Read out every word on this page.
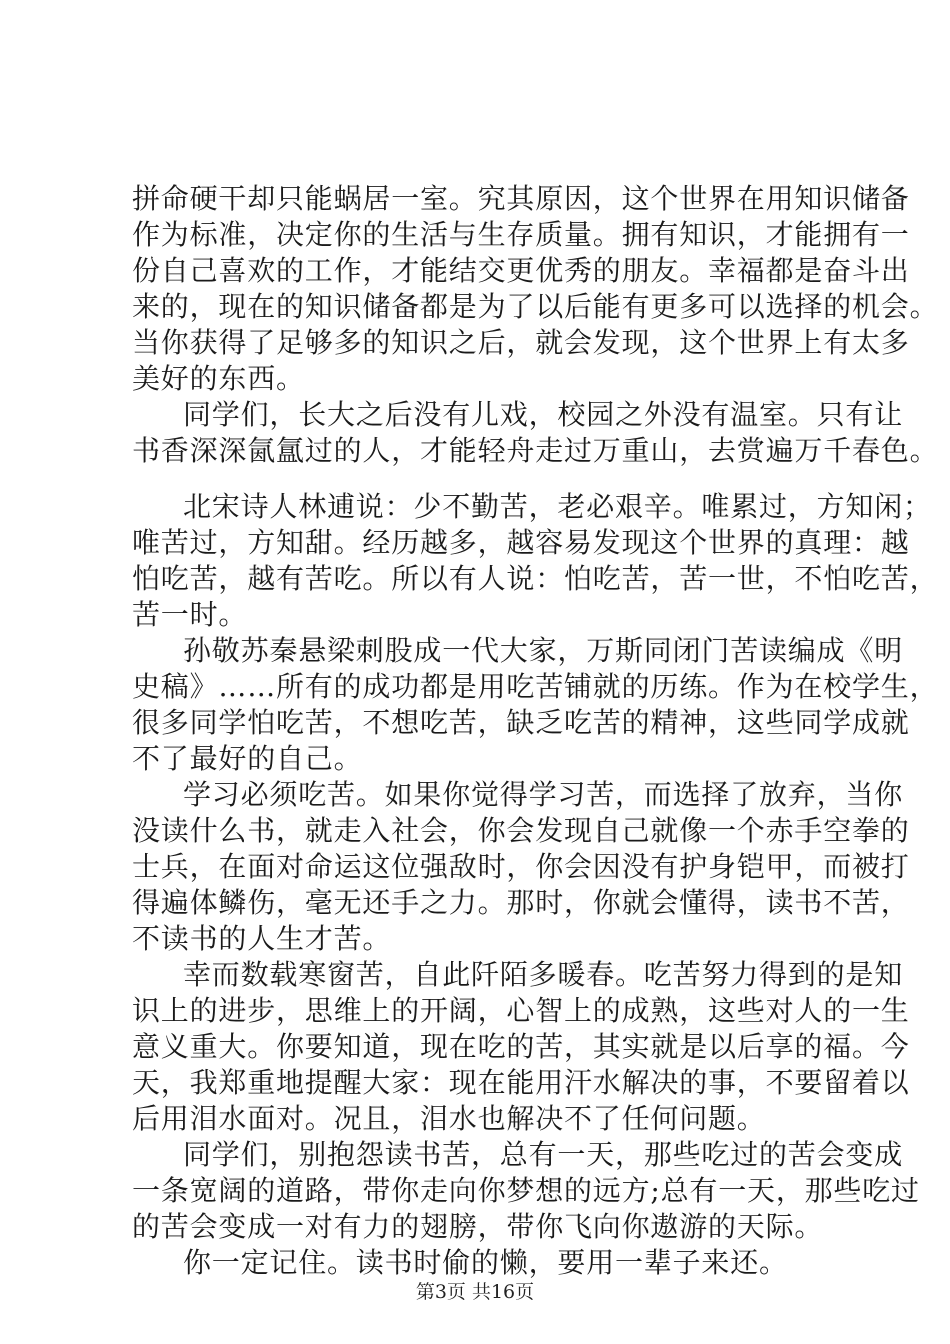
拼命硬干却只能蜗居一室。究其原因，这个世界在用知识储备
作为标准，决定你的生活与生存质量。拥有知识，才能拥有一
份自己喜欢的工作，才能结交更优秀的朋友。幸福都是奋斗出
来的，现在的知识储备都是为了以后能有更多可以选择的机会。
当你获得了足够多的知识之后，就会发现，这个世界上有太多
美好的东西。
同学们，长大之后没有儿戏，校园之外没有温室。只有让
书香深深氤氲过的人，才能轻舟走过万重山，去赏遍万千春色。
北宋诗人林逋说：少不勤苦，老必艰辛。唯累过，方知闲；
唯苦过，方知甜。经历越多，越容易发现这个世界的真理：越
怕吃苦，越有苦吃。所以有人说：怕吃苦，苦一世，不怕吃苦，
苦一时。
孙敬苏秦悬梁刺股成一代大家，万斯同闭门苦读编成《明
史稿》……所有的成功都是用吃苦铺就的历练。作为在校学生，
很多同学怕吃苦，不想吃苦，缺乏吃苦的精神，这些同学成就
不了最好的自己。
学习必须吃苦。如果你觉得学习苦，而选择了放弃，当你
没读什么书，就走入社会，你会发现自己就像一个赤手空拳的
士兵，在面对命运这位强敌时，你会因没有护身铠甲，而被打
得遍体鳞伤，毫无还手之力。那时，你就会懂得，读书不苦，
不读书的人生才苦。
幸而数载寒窗苦，自此阡陌多暖春。吃苦努力得到的是知
识上的进步，思维上的开阔，心智上的成熟，这些对人的一生
意义重大。你要知道，现在吃的苦，其实就是以后享的福。今
天，我郑重地提醒大家：现在能用汗水解决的事，不要留着以
后用泪水面对。况且，泪水也解决不了任何问题。
同学们，别抱怨读书苦，总有一天，那些吃过的苦会变成
一条宽阔的道路，带你走向你梦想的远方;总有一天，那些吃过
的苦会变成一对有力的翅膀，带你飞向你遨游的天际。
你一定记住。读书时偷的懒，要用一辈子来还。
第3页 共16页
